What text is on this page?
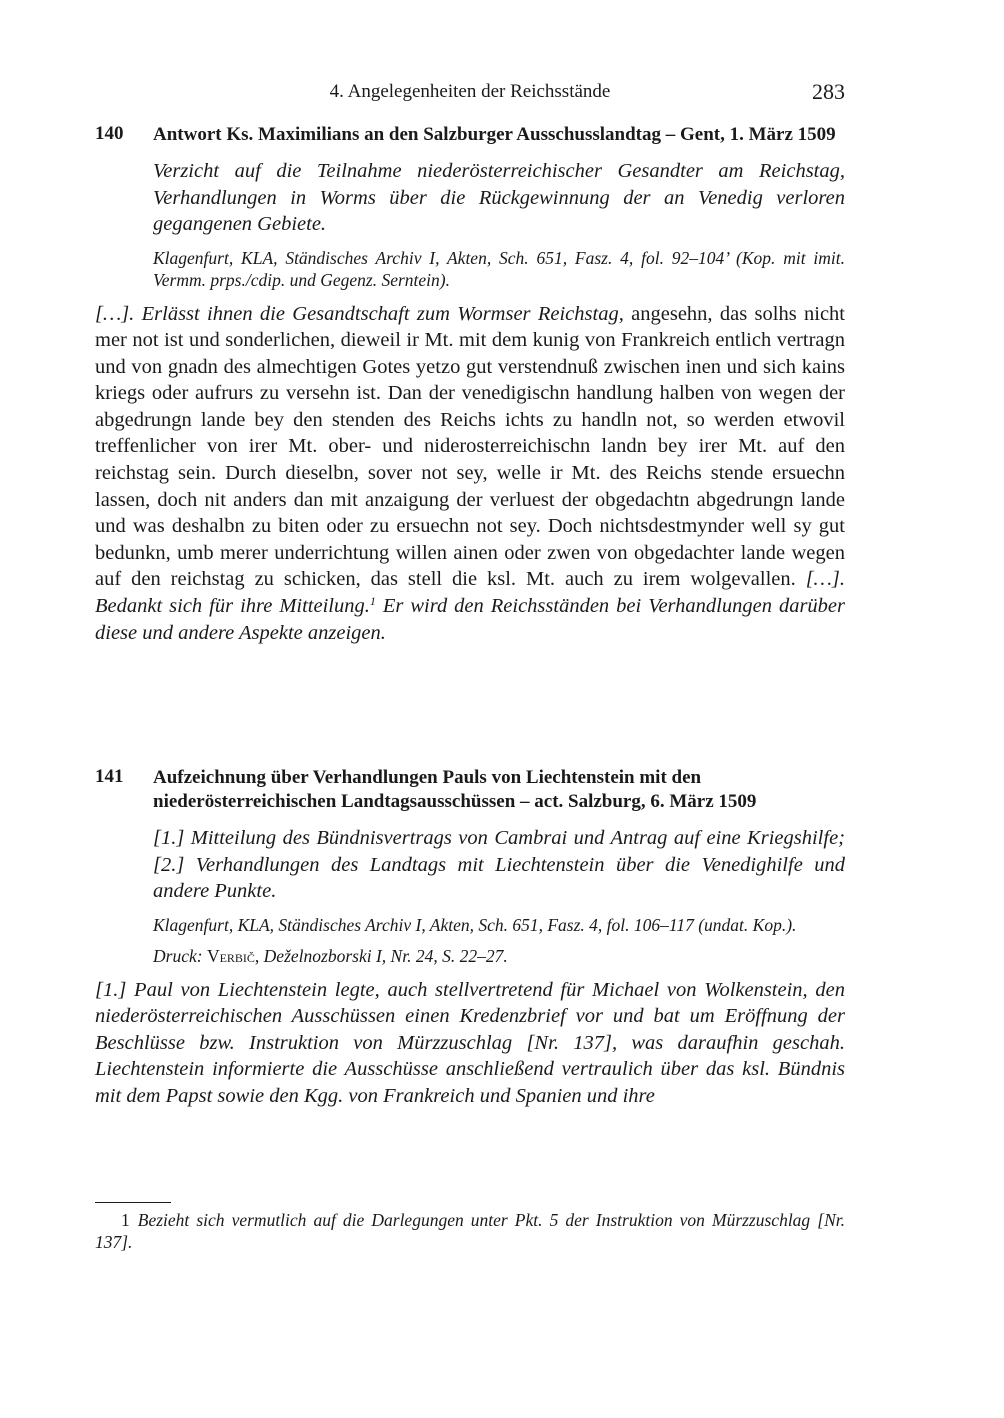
4. Angelegenheiten der Reichsstände	283
140 Antwort Ks. Maximilians an den Salzburger Ausschusslandtag – Gent, 1. März 1509
Verzicht auf die Teilnahme niederösterreichischer Gesandter am Reichstag, Verhandlungen in Worms über die Rückgewinnung der an Venedig verloren gegangenen Gebiete.
Klagenfurt, KLA, Ständisches Archiv I, Akten, Sch. 651, Fasz. 4, fol. 92–104’ (Kop. mit imit. Vermm. prps./cdip. und Gegenz. Serntein).

[…]. Erlässt ihnen die Gesandtschaft zum Wormser Reichstag, angesehn, das solhs nicht mer not ist und sonderlichen, dieweil ir Mt. mit dem kunig von Frankreich entlich vertragn und von gnadn des almechtigen Gotes yetzo gut verstendnuß zwischen inen und sich kains kriegs oder aufrurs zu versehn ist. Dan der venedigischn handlung halben von wegen der abgedrungn lande bey den stenden des Reichs ichts zu handln not, so werden etwovil treffenlicher von irer Mt. ober- und niderosterreichischn landn bey irer Mt. auf den reichstag sein. Durch dieselbn, sover not sey, welle ir Mt. des Reichs stende ersuechn lassen, doch nit anders dan mit anzaigung der verluest der obgedachtn abgedrungn lande und was deshalbn zu biten oder zu ersuechn not sey. Doch nichtsdestmynder well sy gut bedunkn, umb merer underrichtung willen ainen oder zwen von obgedachter lande wegen auf den reichstag zu schicken, das stell die ksl. Mt. auch zu irem wolgevallen. […]. Bedankt sich für ihre Mitteilung.$^1$ Er wird den Reichsständen bei Verhandlungen darüber diese und andere Aspekte anzeigen.

141 Aufzeichnung über Verhandlungen Pauls von Liechtenstein mit den niederösterreichischen Landtagsausschüssen – act. Salzburg, 6. März 1509
[1.] Mitteilung des Bündnisvertrags von Cambrai und Antrag auf eine Kriegshilfe; [2.] Verhandlungen des Landtags mit Liechtenstein über die Venedighilfe und andere Punkte.
Klagenfurt, KLA, Ständisches Archiv I, Akten, Sch. 651, Fasz. 4, fol. 106–117 (undat. Kop.).
Druck: Verbič, Deželnozborski I, Nr. 24, S. 22–27.

[1.] Paul von Liechtenstein legte, auch stellvertretend für Michael von Wolkenstein, den niederösterreichischen Ausschüssen einen Kredenzbrief vor und bat um Eröffnung der Beschlüsse bzw. Instruktion von Mürzzuschlag [Nr. 137], was daraufhin geschah. Liechtenstein informierte die Ausschüsse anschließend vertraulich über das ksl. Bündnis mit dem Papst sowie den Kgg. von Frankreich und Spanien und ihre

1 Bezieht sich vermutlich auf die Darlegungen unter Pkt. 5 der Instruktion von Mürzzuschlag [Nr. 137].
